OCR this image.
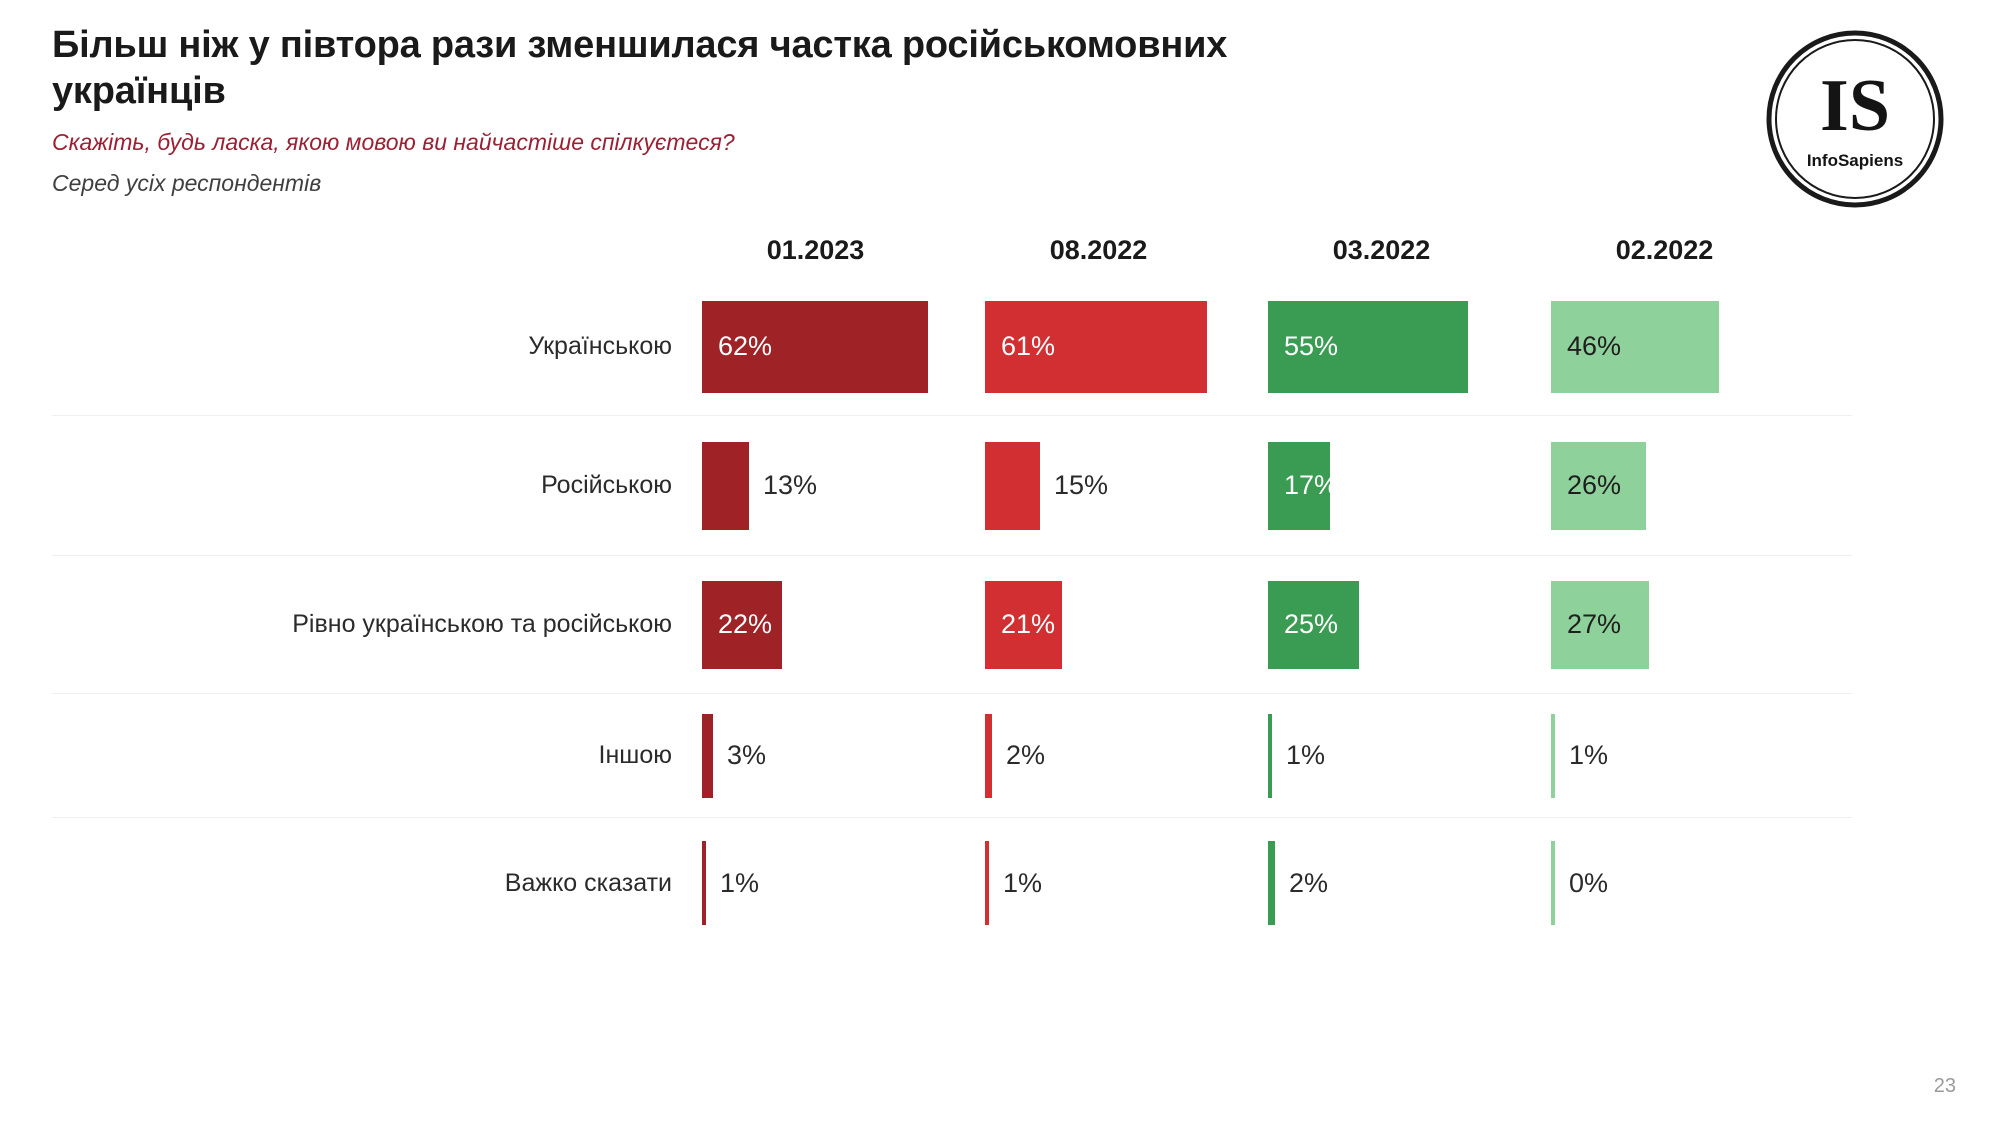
Більш ніж у півтора рази зменшилася частка російськомовних українців
Скажіть, будь ласка, якою мовою ви найчастіше спілкуєтеся?
Серед усіх респондентів
IS
InfoSapiens
01.2023	08.2022	03.2022	02.2022
Українською	62%	61%	55%	46%
Російською	13%	15%	17%	26%
Рівно українською та російською	22%	21%	25%	27%
Іншою	3%	2%	1%	1%
Важко сказати	1%	1%	2%	0%
23
